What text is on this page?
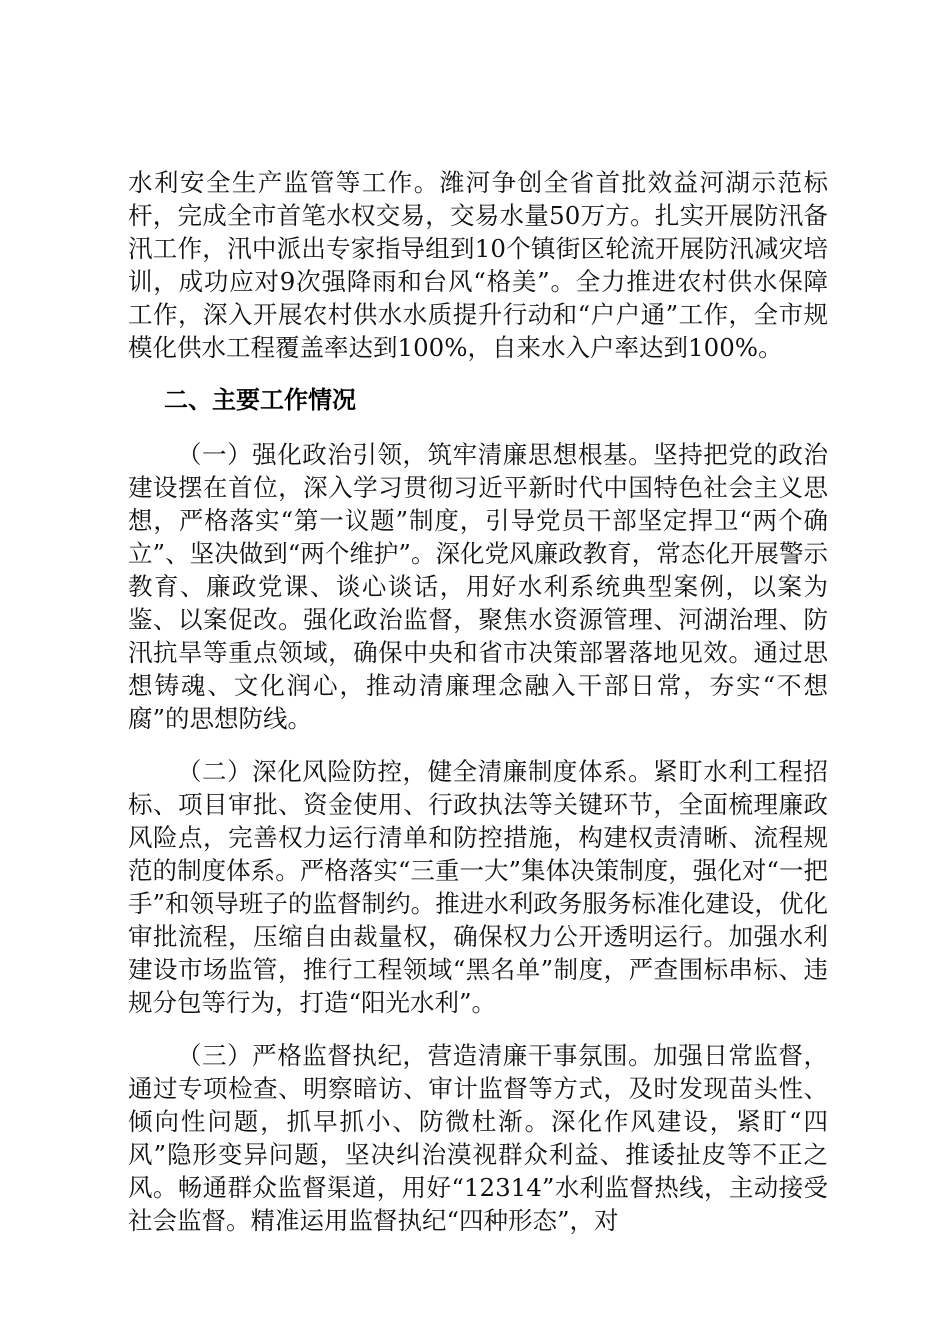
水利安全生产监管等工作。潍河争创全省首批效益河湖示范标杆，完成全市首笔水权交易，交易水量50万方。扎实开展防汛备汛工作，汛中派出专家指导组到10个镇街区轮流开展防汛减灾培训，成功应对9次强降雨和台风“格美”。全力推进农村供水保障工作，深入开展农村供水水质提升行动和“户户通”工作，全市规模化供水工程覆盖率达到100%，自来水入户率达到100%。

二、主要工作情况

（一）强化政治引领，筑牢清廉思想根基。坚持把党的政治建设摆在首位，深入学习贯彻习近平新时代中国特色社会主义思想，严格落实“第一议题”制度，引导党员干部坚定捍卫“两个确立”、坚决做到“两个维护”。深化党风廉政教育，常态化开展警示教育、廉政党课、谈心谈话，用好水利系统典型案例，以案为鉴、以案促改。强化政治监督，聚焦水资源管理、河湖治理、防汛抗旱等重点领域，确保中央和省市决策部署落地见效。通过思想铸魂、文化润心，推动清廉理念融入干部日常，夯实“不想腐”的思想防线。

（二）深化风险防控，健全清廉制度体系。紧盯水利工程招标、项目审批、资金使用、行政执法等关键环节，全面梳理廉政风险点，完善权力运行清单和防控措施，构建权责清晰、流程规范的制度体系。严格落实“三重一大”集体决策制度，强化对“一把手”和领导班子的监督制约。推进水利政务服务标准化建设，优化审批流程，压缩自由裁量权，确保权力公开透明运行。加强水利建设市场监管，推行工程领域“黑名单”制度，严查围标串标、违规分包等行为，打造“阳光水利”。

（三）严格监督执纪，营造清廉干事氛围。加强日常监督，通过专项检查、明察暗访、审计监督等方式，及时发现苗头性、倾向性问题，抓早抓小、防微杜渐。深化作风建设，紧盯“四风”隐形变异问题，坚决纠治漠视群众利益、推诿扯皮等不正之风。畅通群众监督渠道，用好“12314”水利监督热线，主动接受社会监督。精准运用监督执纪“四种形态”，对
